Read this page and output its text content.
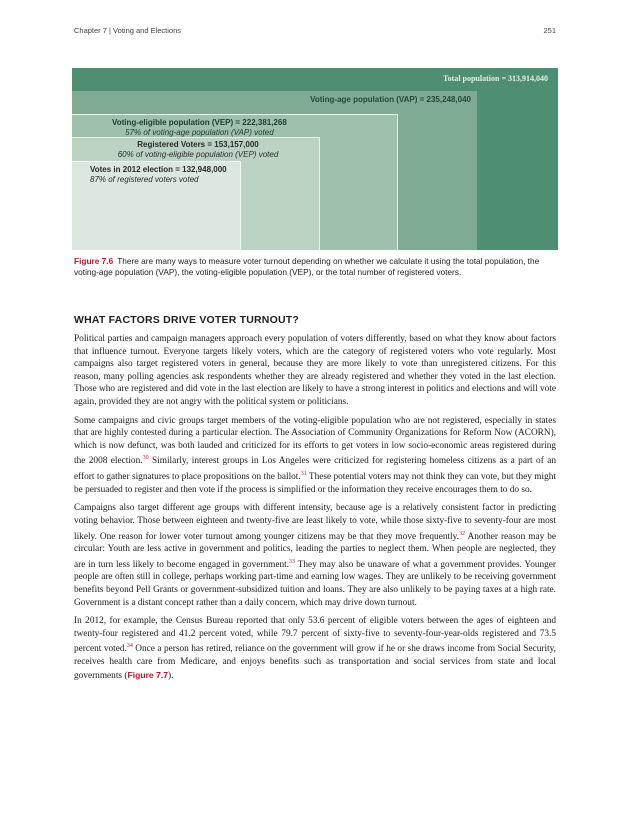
Chapter 7 | Voting and Elections	251
Total population = 313,914,040
Voting-age population (VAP) = 235,248,040
Voting-eligible population (VEP) = 222,381,268
57% of voting-age population (VAP) voted
Registered Voters = 153,157,000
60% of voting-eligible population (VEP) voted
Votes in 2012 election = 132,948,000
87% of registered voters voted
Figure 7.6 There are many ways to measure voter turnout depending on whether we calculate it using the total population, the voting-age population (VAP), the voting-eligible population (VEP), or the total number of registered voters.
WHAT FACTORS DRIVE VOTER TURNOUT?

Political parties and campaign managers approach every population of voters differently, based on what they know about factors that influence turnout. Everyone targets likely voters, which are the category of registered voters who vote regularly. Most campaigns also target registered voters in general, because they are more likely to vote than unregistered citizens. For this reason, many polling agencies ask respondents whether they are already registered and whether they voted in the last election. Those who are registered and did vote in the last election are likely to have a strong interest in politics and elections and will vote again, provided they are not angry with the political system or politicians.

Some campaigns and civic groups target members of the voting-eligible population who are not registered, especially in states that are highly contested during a particular election. The Association of Community Organizations for Reform Now (ACORN), which is now defunct, was both lauded and criticized for its efforts to get voters in low socio-economic areas registered during the 2008 election.$^{30}$ Similarly, interest groups in Los Angeles were criticized for registering homeless citizens as a part of an effort to gather signatures to place propositions on the ballot.$^{31}$ These potential voters may not think they can vote, but they might be persuaded to register and then vote if the process is simplified or the information they receive encourages them to do so.

Campaigns also target different age groups with different intensity, because age is a relatively consistent factor in predicting voting behavior. Those between eighteen and twenty-five are least likely to vote, while those sixty-five to seventy-four are most likely. One reason for lower voter turnout among younger citizens may be that they move frequently.$^{32}$ Another reason may be circular: Youth are less active in government and politics, leading the parties to neglect them. When people are neglected, they are in turn less likely to become engaged in government.$^{33}$ They may also be unaware of what a government provides. Younger people are often still in college, perhaps working part-time and earning low wages. They are unlikely to be receiving government benefits beyond Pell Grants or government-subsidized tuition and loans. They are also unlikely to be paying taxes at a high rate. Government is a distant concept rather than a daily concern, which may drive down turnout.

In 2012, for example, the Census Bureau reported that only 53.6 percent of eligible voters between the ages of eighteen and twenty-four registered and 41.2 percent voted, while 79.7 percent of sixty-five to seventy-four-year-olds registered and 73.5 percent voted.$^{34}$ Once a person has retired, reliance on the government will grow if he or she draws income from Social Security, receives health care from Medicare, and enjoys benefits such as transportation and social services from state and local governments (Figure 7.7).
